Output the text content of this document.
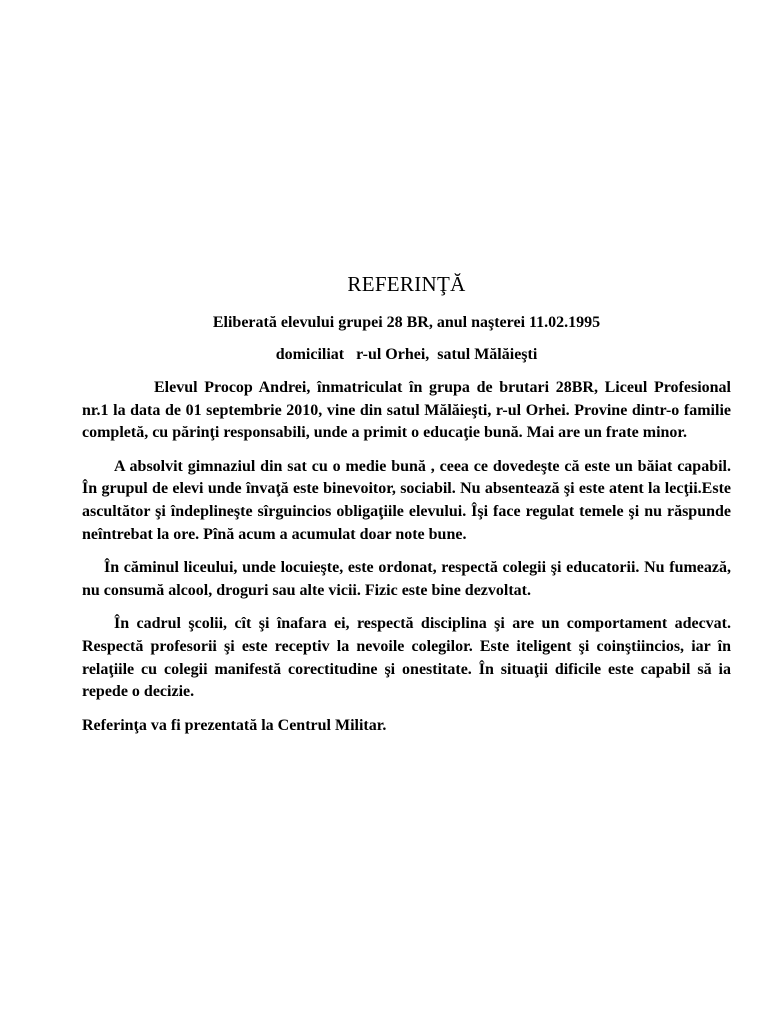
REFERINŢĂ

Eliberată elevului grupei 28 BR, anul naşterei 11.02.1995

domiciliat   r-ul Orhei,  satul Mălăieşti

Elevul Procop Andrei, înmatriculat în grupa de brutari 28BR, Liceul Profesional nr.1 la data de 01 septembrie 2010, vine din satul Mălăieşti, r-ul Orhei. Provine dintr-o familie completă, cu părinţi responsabili, unde a primit o educaţie bună. Mai are un frate minor.

A absolvit gimnaziul din sat cu o medie bună , ceea ce dovedeşte că este un băiat capabil. În grupul de elevi unde învaţă este binevoitor, sociabil. Nu absentează şi este atent la lecţii.Este ascultător şi îndeplineşte sîrguincios obligaţiile elevului. Îşi face regulat temele şi nu răspunde neîntrebat la ore. Pînă acum a acumulat doar note bune.

În căminul liceului, unde locuieşte, este ordonat, respectă colegii şi educatorii. Nu fumează, nu consumă alcool, droguri sau alte vicii. Fizic este bine dezvoltat.

În cadrul şcolii, cît şi înafara ei, respectă disciplina şi are un comportament adecvat. Respectă profesorii şi este receptiv la nevoile colegilor. Este iteligent şi coinştiincios, iar în relaţiile cu colegii manifestă corectitudine şi onestitate. În situaţii dificile este capabil să ia repede o decizie.

Referinţa va fi prezentată la Centrul Militar.
